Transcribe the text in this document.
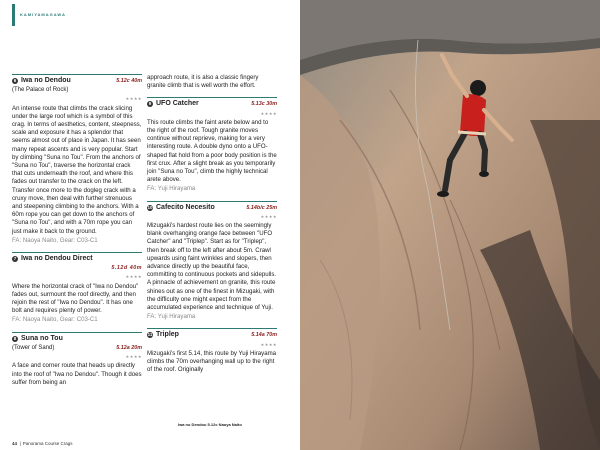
KAMIYAMAGAWA
6 Iwa no Dendou	5.12c 40m
(The Palace of Rock)
★★★★
An intense route that climbs the crack slicing under the large roof which is a symbol of this crag. In terms of aesthetics, content, steepness, scale and exposure it has a splendor that seems almost out of place in Japan. It has seen many repeat ascents and is very popular. Start by climbing "Suna no Tou". From the anchors of "Suna no Tou", traverse the horizontal crack that cuts underneath the roof, and where this fades out transfer to the crack on the left. Transfer once more to the dogleg crack with a cruxy move, then deal with further strenuous and steepening climbing to the anchors. With a 60m rope you can get down to the anchors of "Suna no Tou", and with a 70m rope you can just make it back to the ground.
FA: Naoya Naito, Gear: C03-C1
7 Iwa no Dendou Direct
5.12d 40m
★★★★
Where the horizontal crack of "Iwa no Dendou" fades out, surmount the roof directly, and then rejoin the rest of "Iwa no Dendou". It has one bolt and requires plenty of power.
FA: Naoya Naito, Gear: C03-C1
8 Suna no Tou
(Tower of Sand)	5.12a 20m
★★★★
A face and corner route that heads up directly into the roof of "Iwa no Dendou". Though it does suffer from being an
approach route, it is also a classic fingery granite climb that is well worth the effort.
9 UFO Catcher	5.13c 30m
★★★★
This route climbs the faint arete below and to the right of the roof. Tough granite moves continue without reprieve, making for a very interesting route. A double dyno onto a UFO-shaped flat hold from a poor body position is the first crux. After a slight break as you temporarily join "Suna no Tou", climb the highly technical arete above.
FA: Yuji Hirayama
10 Cafecito Necesito	5.14b/c 25m
★★★★
Mizugaki's hardest route lies on the seemingly blank overhanging orange face between "UFO Catcher" and "Triplep". Start as for "Triplep", then break off to the left after about 5m. Crawl upwards using faint wrinkles and slopers, then advance directly up the beautiful face, committing to continuous pockets and sidepulls. A pinnacle of achievement on granite, this route shines out as one of the finest in Mizugaki, with the difficulty one might expect from the accumulated experience and technique of Yuji.
FA: Yuji Hirayama
11 Triplep	5.14a 70m
★★★★
Mizugaki's first 5.14, this route by Yuji Hirayama climbs the 70m overhanging wall up to the right of the roof. Originally
Iwa no Dendou 5.12c Naoya Naito
44 | Panorama Course Crags
